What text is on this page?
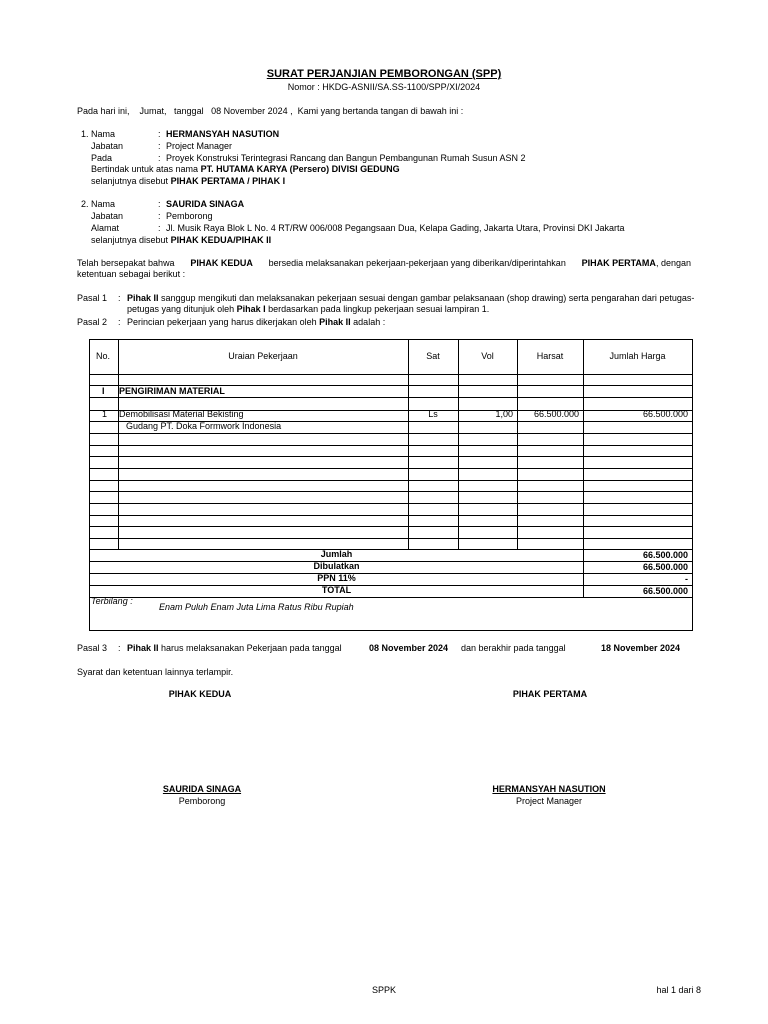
SURAT PERJANJIAN PEMBORONGAN (SPP)
Nomor : HKDG-ASNII/SA.SS-1100/SPP/XI/2024
Pada hari ini,    Jumat,   tanggal   08 November 2024 ,  Kami yang bertanda tangan di bawah ini :
1. Nama	: HERMANSYAH NASUTION
Jabatan	: Project Manager
Pada	: Proyek Konstruksi Terintegrasi Rancang dan Bangun Pembangunan Rumah Susun ASN 2
Bertindak untuk atas nama PT. HUTAMA KARYA (Persero) DIVISI GEDUNG
selanjutnya disebut PIHAK PERTAMA / PIHAK I
2. Nama	: SAURIDA SINAGA
Jabatan	: Pemborong
Alamat	: Jl. Musik Raya Blok L No. 4 RT/RW 006/008 Pegangsaan Dua, Kelapa Gading, Jakarta Utara, Provinsi DKI Jakarta
selanjutnya disebut PIHAK KEDUA/PIHAK II
Telah bersepakat bahwa PIHAK KEDUA bersedia melaksanakan pekerjaan-pekerjaan yang diberikan/diperintahkan PIHAK PERTAMA, dengan
ketentuan sebagai berikut :
Pasal 1 : Pihak II sanggup mengikuti dan melaksanakan pekerjaan sesuai dengan gambar pelaksanaan (shop drawing) serta pengarahan dari petugas-
petugas yang ditunjuk oleh Pihak I berdasarkan pada lingkup pekerjaan sesuai lampiran 1.
Pasal 2 : Perincian pekerjaan yang harus dikerjakan oleh Pihak II adalah :
No.	Uraian Pekerjaan	Sat	Vol	Harsat	Jumlah Harga
I PENGIRIMAN MATERIAL
1 Demobilisasi Material Bekisting	Ls	1,00	66.500.000	66.500.000
Gudang PT. Doka Formwork Indonesia
Jumlah	66.500.000
Dibulatkan	66.500.000
PPN 11%	-
TOTAL	66.500.000
Terbilang :
Enam Puluh Enam Juta Lima Ratus Ribu Rupiah
Pasal 3 : Pihak II harus melaksanakan Pekerjaan pada tanggal	08 November 2024 dan berakhir pada tanggal	18 November 2024
Syarat dan ketentuan lainnya terlampir.
PIHAK KEDUA	PIHAK PERTAMA
SAURIDA SINAGA
Pemborong
HERMANSYAH NASUTION
Project Manager
SPPK	hal 1 dari 8
